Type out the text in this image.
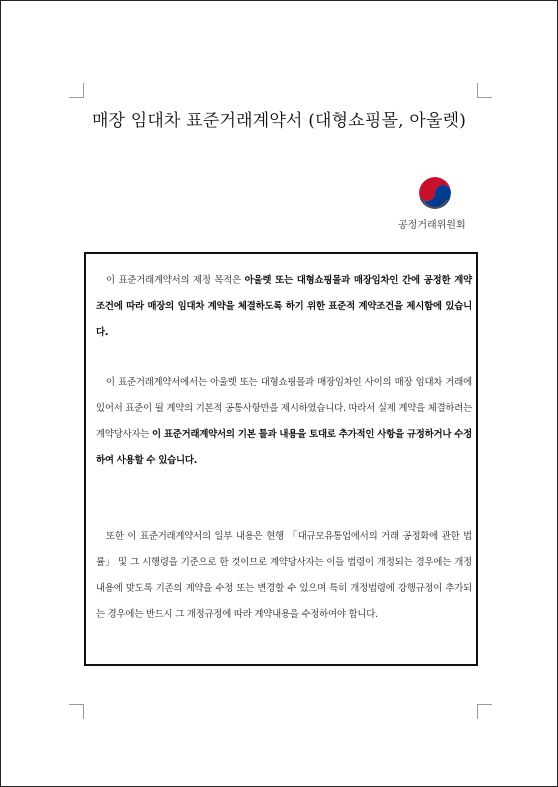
매장 임대차 표준거래계약서 (대형쇼핑몰, 아울렛)
공정거래위원회
이 표준거래계약서의 제정 목적은 아울렛 또는 대형쇼핑몰과 매장임차인 간에 공정한 계약조건에 따라 매장의 임대차 계약을 체결하도록 하기 위한 표준적 계약조건을 제시함에 있습니다.
이 표준거래계약서에서는 아울렛 또는 대형쇼핑몰과 매장임차인 사이의 매장 임대차 거래에 있어서 표준이 될 계약의 기본적 공통사항만을 제시하였습니다. 따라서 실제 계약을 체결하려는 계약당사자는 이 표준거래계약서의 기본 틀과 내용을 토대로 추가적인 사항을 규정하거나 수정하여 사용할 수 있습니다.
또한 이 표준거래계약서의 일부 내용은 현행 「대규모유통업에서의 거래 공정화에 관한 법률」 및 그 시행령을 기준으로 한 것이므로 계약당사자는 이들 법령이 개정되는 경우에는 개정내용에 맞도록 기존의 계약을 수정 또는 변경할 수 있으며 특히 개정법령에 강행규정이 추가되는 경우에는 반드시 그 개정규정에 따라 계약내용을 수정하여야 합니다.
